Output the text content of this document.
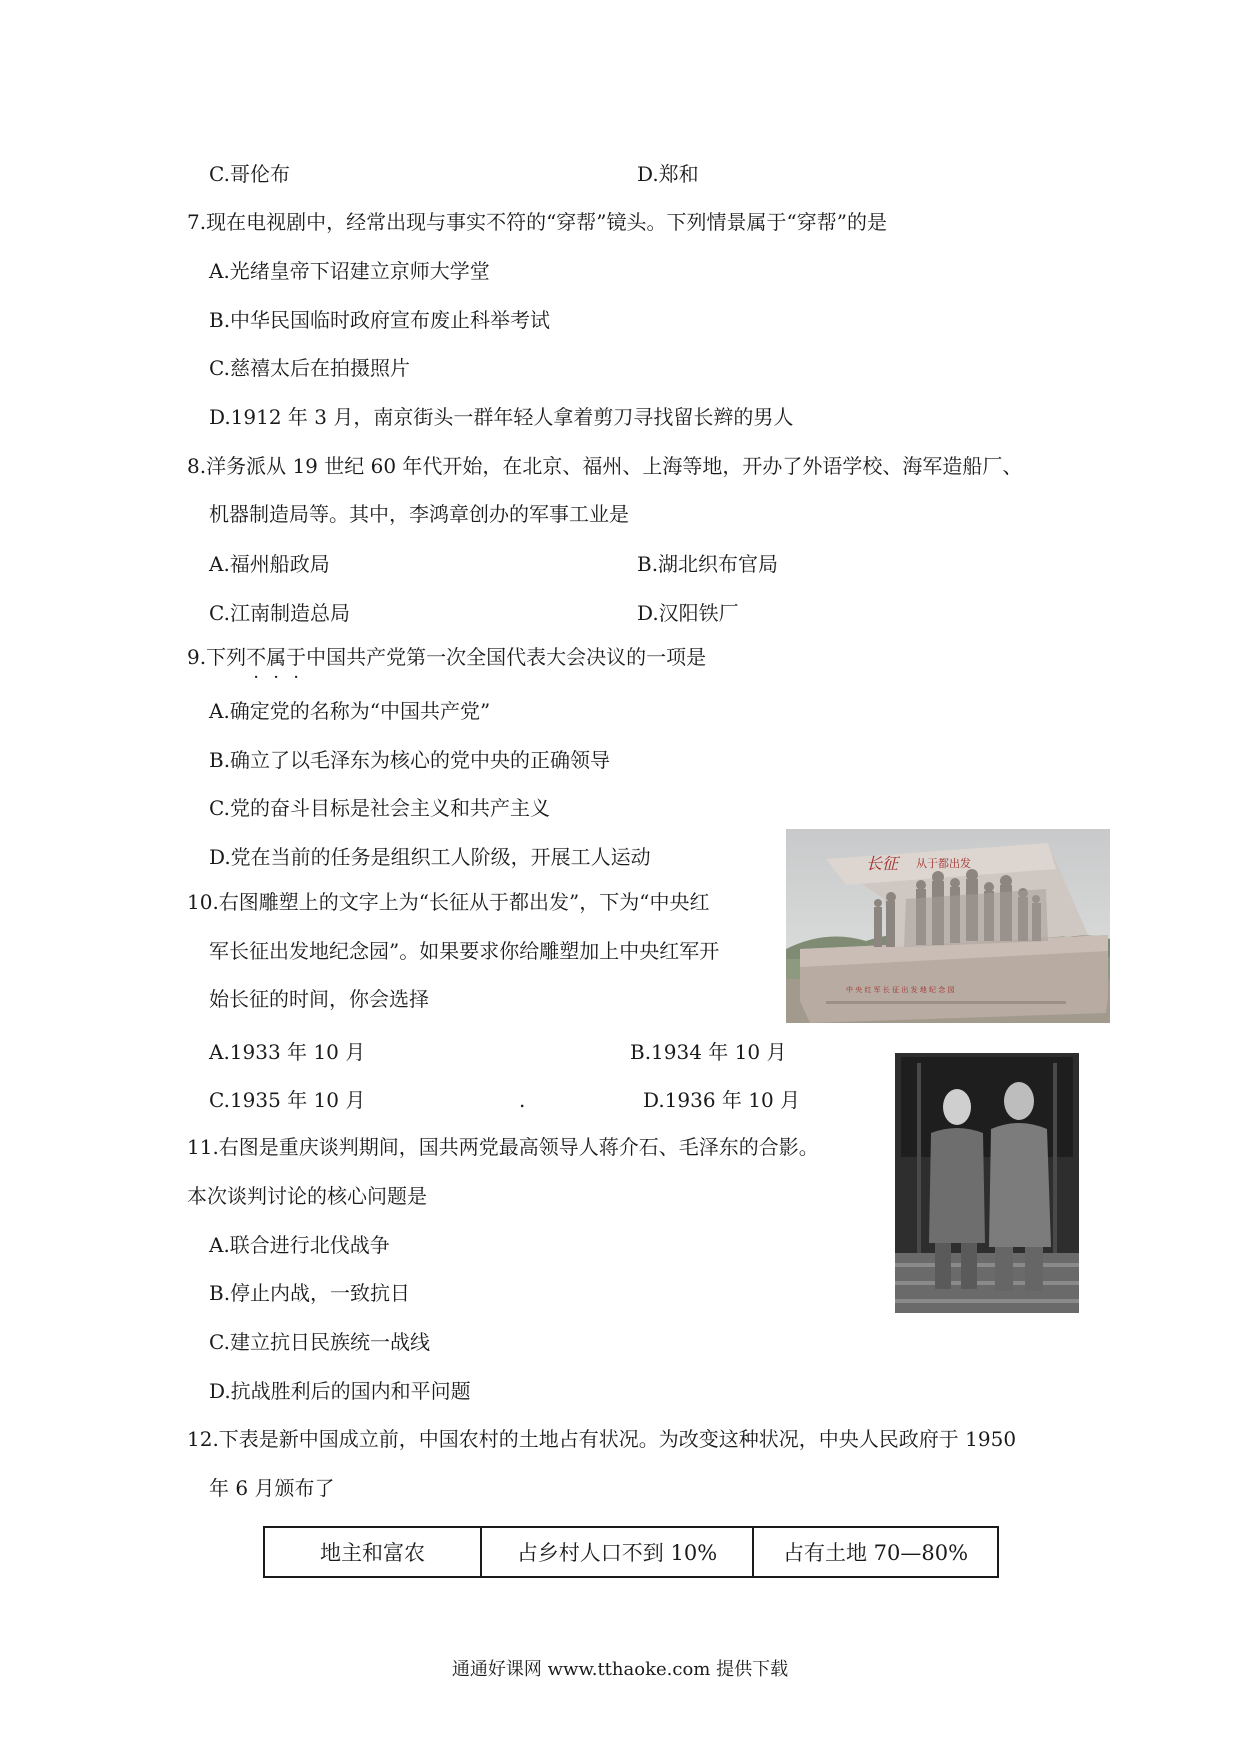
C.哥伦布	D.郑和
7.现在电视剧中，经常出现与事实不符的“穿帮”镜头。下列情景属于“穿帮”的是
A.光绪皇帝下诏建立京师大学堂
B.中华民国临时政府宣布废止科举考试
C.慈禧太后在拍摄照片
D.1912 年 3 月，南京街头一群年轻人拿着剪刀寻找留长辫的男人
8.洋务派从 19 世纪 60 年代开始，在北京、福州、上海等地，开办了外语学校、海军造船厂、
机器制造局等。其中，李鸿章创办的军事工业是
A.福州船政局	B.湖北织布官局
C.江南制造总局	D.汉阳铁厂
9.下列不属于中国共产党第一次全国代表大会决议的一项是
A.确定党的名称为“中国共产党”
B.确立了以毛泽东为核心的党中央的正确领导
C.党的奋斗目标是社会主义和共产主义
D.党在当前的任务是组织工人阶级，开展工人运动	长征 从于都出发
中 央 红 军 长 征 出 发 地 纪 念 园
10.右图雕塑上的文字上为“长征从于都出发”，下为“中央红
军长征出发地纪念园”。如果要求你给雕塑加上中央红军开
始长征的时间，你会选择
A.1933 年 10 月	B.1934 年 10 月
C.1935 年 10 月	.	D.1936 年 10 月
11.右图是重庆谈判期间，国共两党最高领导人蒋介石、毛泽东的合影。
本次谈判讨论的核心问题是
A.联合进行北伐战争
B.停止内战，一致抗日
C.建立抗日民族统一战线
D.抗战胜利后的国内和平问题
12.下表是新中国成立前，中国农村的土地占有状况。为改变这种状况，中央人民政府于 1950
年 6 月颁布了
地主和富农	占乡村人口不到 10%	占有土地 70—80%
通通好课网 www.tthaoke.com 提供下载
